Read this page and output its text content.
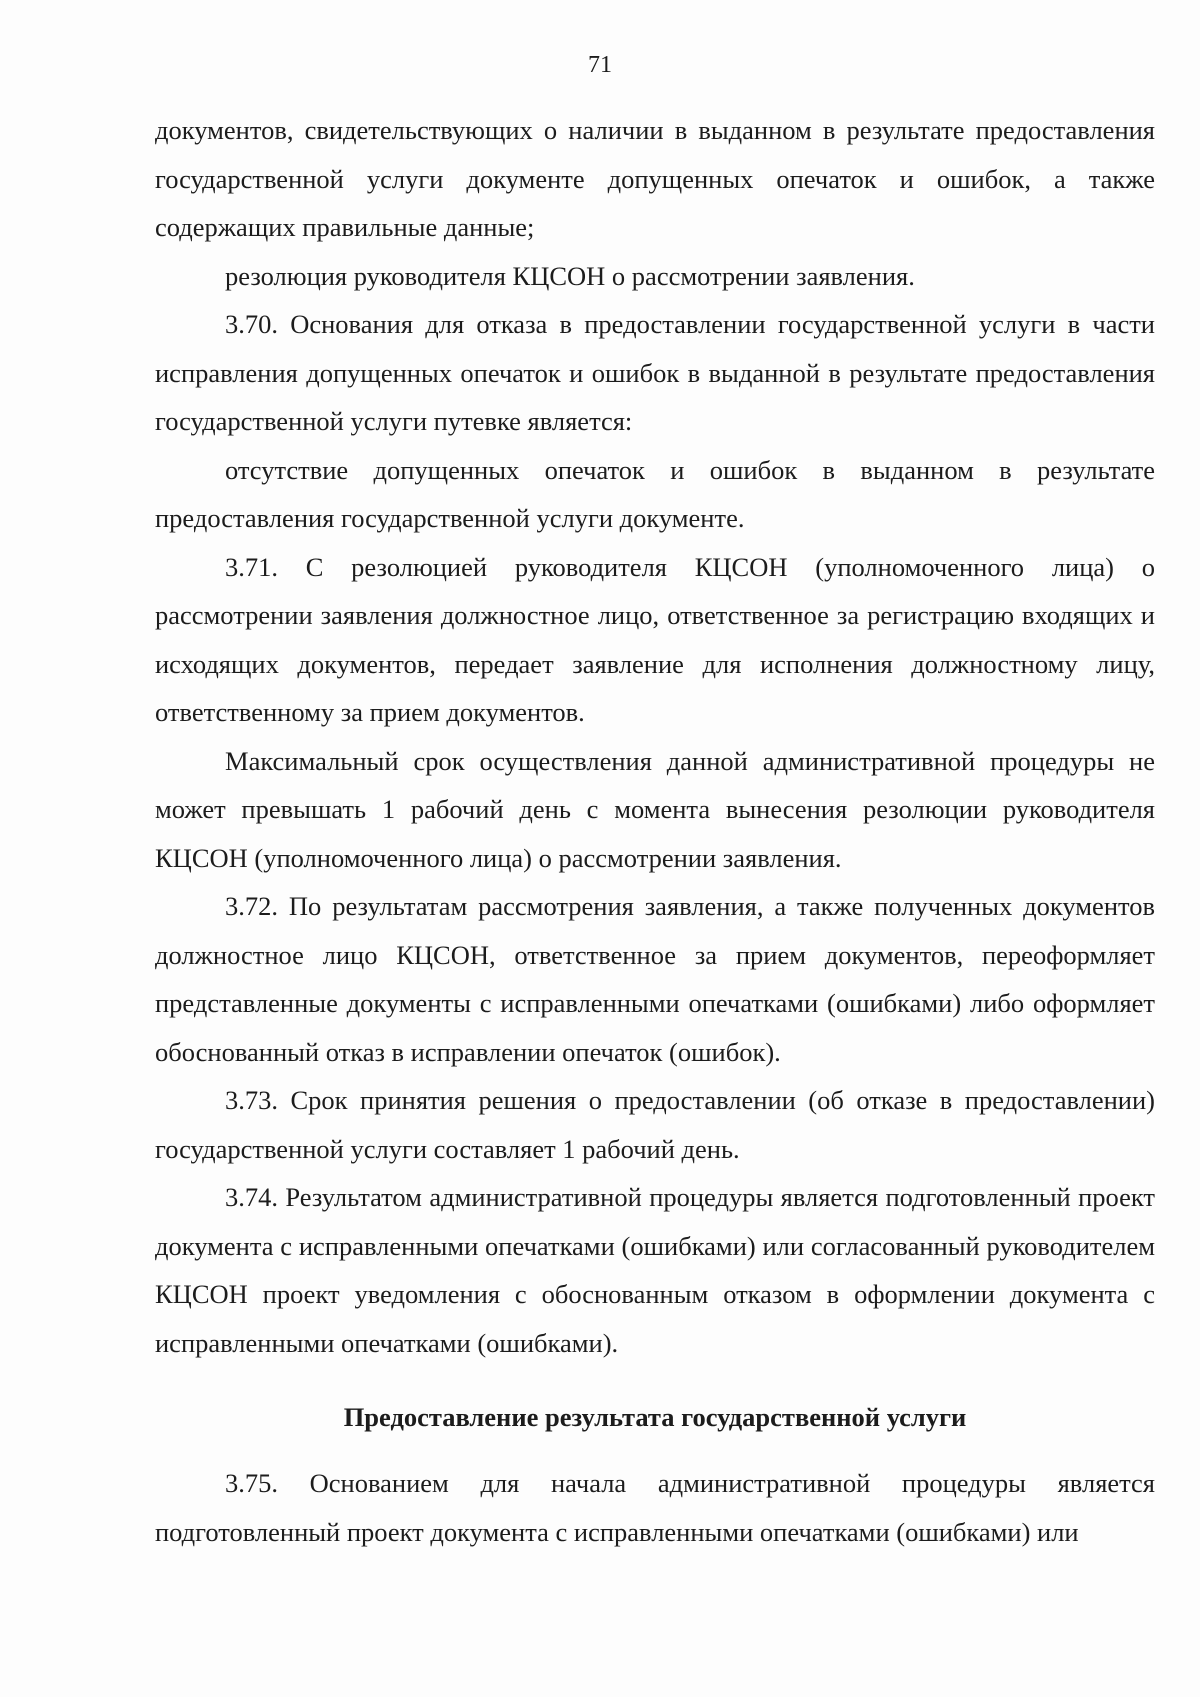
71

документов, свидетельствующих о наличии в выданном в результате предоставления государственной услуги документе допущенных опечаток и ошибок, а также содержащих правильные данные;

резолюция руководителя КЦСОН о рассмотрении заявления.

3.70. Основания для отказа в предоставлении государственной услуги в части исправления допущенных опечаток и ошибок в выданной в результате предоставления государственной услуги путевке является:

отсутствие допущенных опечаток и ошибок в выданном в результате предоставления государственной услуги документе.

3.71. С резолюцией руководителя КЦСОН (уполномоченного лица) о рассмотрении заявления должностное лицо, ответственное за регистрацию входящих и исходящих документов, передает заявление для исполнения должностному лицу, ответственному за прием документов.

Максимальный срок осуществления данной административной процедуры не может превышать 1 рабочий день с момента вынесения резолюции руководителя КЦСОН (уполномоченного лица) о рассмотрении заявления.

3.72. По результатам рассмотрения заявления, а также полученных документов должностное лицо КЦСОН, ответственное за прием документов, переоформляет представленные документы с исправленными опечатками (ошибками) либо оформляет обоснованный отказ в исправлении опечаток (ошибок).

3.73. Срок принятия решения о предоставлении (об отказе в предоставлении) государственной услуги составляет 1 рабочий день.

3.74. Результатом административной процедуры является подготовленный проект документа с исправленными опечатками (ошибками) или согласованный руководителем КЦСОН проект уведомления с обоснованным отказом в оформлении документа с исправленными опечатками (ошибками).

Предоставление результата государственной услуги

3.75. Основанием для начала административной процедуры является подготовленный проект документа с исправленными опечатками (ошибками) или
